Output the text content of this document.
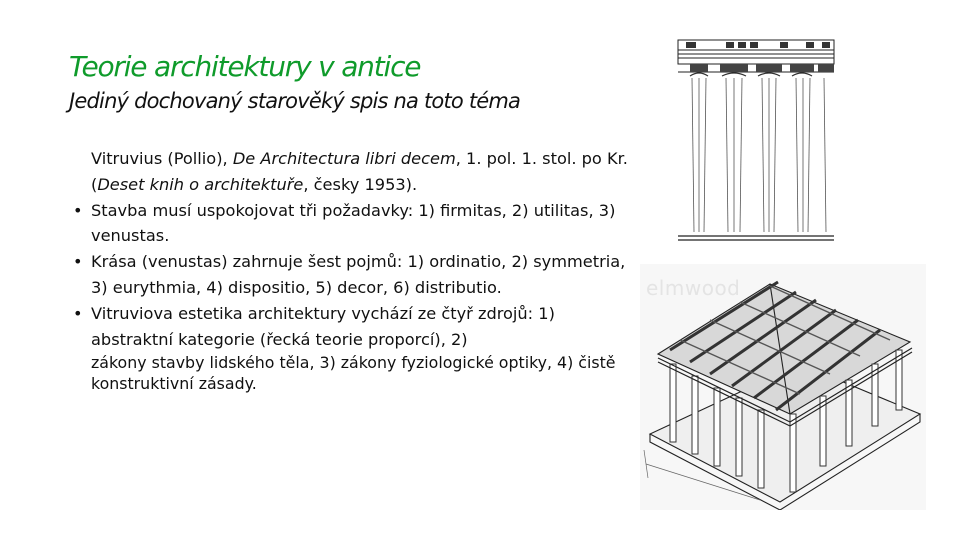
Teorie architektury v antice
Jediný dochovaný starověký spis na toto téma
Vitruvius (Pollio), De Architectura libri decem, 1. pol. 1. stol. po Kr. (Deset knih o architektuře, česky 1953).
• Stavba musí uspokojovat tři požadavky: 1) firmitas, 2) utilitas, 3) venustas.
• Krása (venustas) zahrnuje šest pojmů: 1) ordinatio, 2) symmetria, 3) eurythmia, 4) dispositio, 5) decor, 6) distributio.
• Vitruviova estetika architektury vychází ze čtyř zdrojů: 1) abstraktní kategorie (řecká teorie proporcí), 2)
zákony stavby lidského těla, 3) zákony fyziologické optiky, 4) čistě konstruktivní zásady.
elmwood
